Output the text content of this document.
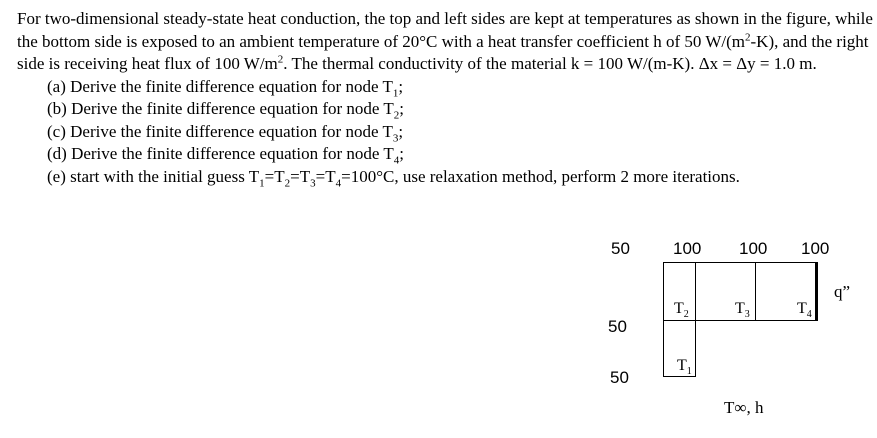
For two-dimensional steady-state heat conduction, the top and left sides are kept at temperatures as shown in the figure, while the bottom side is exposed to an ambient temperature of 20°C with a heat transfer coefficient h of 50 $W/(m^2-K)$, and the right side is receiving heat flux of 100 $W/m^2$. The thermal conductivity of the material k = 100 W/(m-K). Δx = Δy = 1.0 m.

(a) Derive the finite difference equation for node $T_1$;
(b) Derive the finite difference equation for node $T_2$;
(c) Derive the finite difference equation for node $T_3$;
(d) Derive the finite difference equation for node $T_4$;
(e) start with the initial guess $T_1=T_2=T_3=T_4=100^\circ C$, use relaxation method, perform 2 more iterations.
50	100 100 100
50
50
$T_2$	$T_3$	$T_4$
$T_1$
q”
T∞, h
